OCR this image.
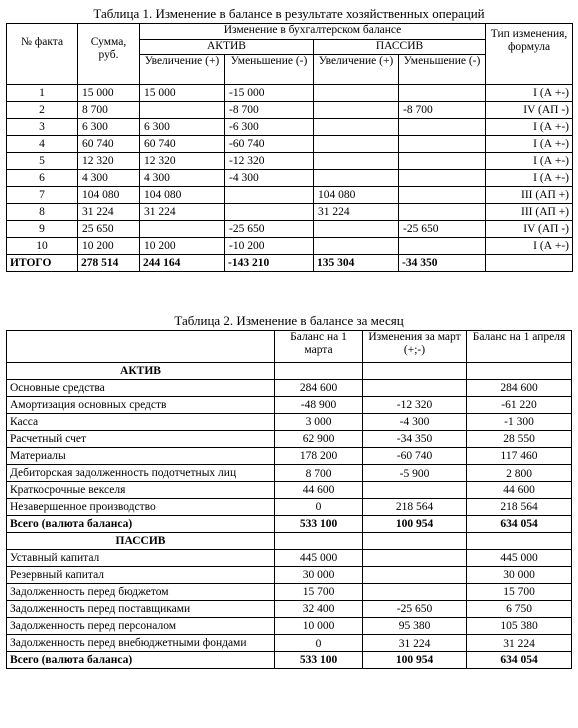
Таблица 1. Изменение в балансе в результате хозяйственных операций
№ факта	Сумма, руб.	Изменение в бухгалтерском балансе				Тип изменения, формула
		АКТИВ		ПАССИВ		
		Увеличение (+)	Уменьшение (-)	Увеличение (+)	Уменьшение (-)	
1	15 000	15 000	-15 000			I (А +-)
2	8 700		-8 700		-8 700	IV (АП -)
3	6 300	6 300	-6 300			I (А +-)
4	60 740	60 740	-60 740			I (А +-)
5	12 320	12 320	-12 320			I (А +-)
6	4 300	4 300	-4 300			I (А +-)
7	104 080	104 080		104 080		III (АП +)
8	31 224	31 224		31 224		III (АП +)
9	25 650		-25 650		-25 650	IV (АП -)
10	10 200	10 200	-10 200			I (А +-)
ИТОГО	278 514	244 164	-143 210	135 304	-34 350	
Таблица 2. Изменение в балансе за месяц
	Баланс на 1 марта	Изменения за март (+;-)	Баланс на 1 апреля
АКТИВ			
Основные средства	284 600		284 600
Амортизация основных средств	-48 900	-12 320	-61 220
Касса	3 000	-4 300	-1 300
Расчетный счет	62 900	-34 350	28 550
Материалы	178 200	-60 740	117 460
Дебиторская задолженность подотчетных лиц	8 700	-5 900	2 800
Краткосрочные векселя	44 600		44 600
Незавершенное производство	0	218 564	218 564
Всего (валюта баланса)	533 100	100 954	634 054
ПАССИВ			
Уставный капитал	445 000		445 000
Резервный капитал	30 000		30 000
Задолженность перед бюджетом	15 700		15 700
Задолженность перед поставщиками	32 400	-25 650	6 750
Задолженность перед персоналом	10 000	95 380	105 380
Задолженность перед внебюджетными фондами	0	31 224	31 224
Всего (валюта баланса)	533 100	100 954	634 054
